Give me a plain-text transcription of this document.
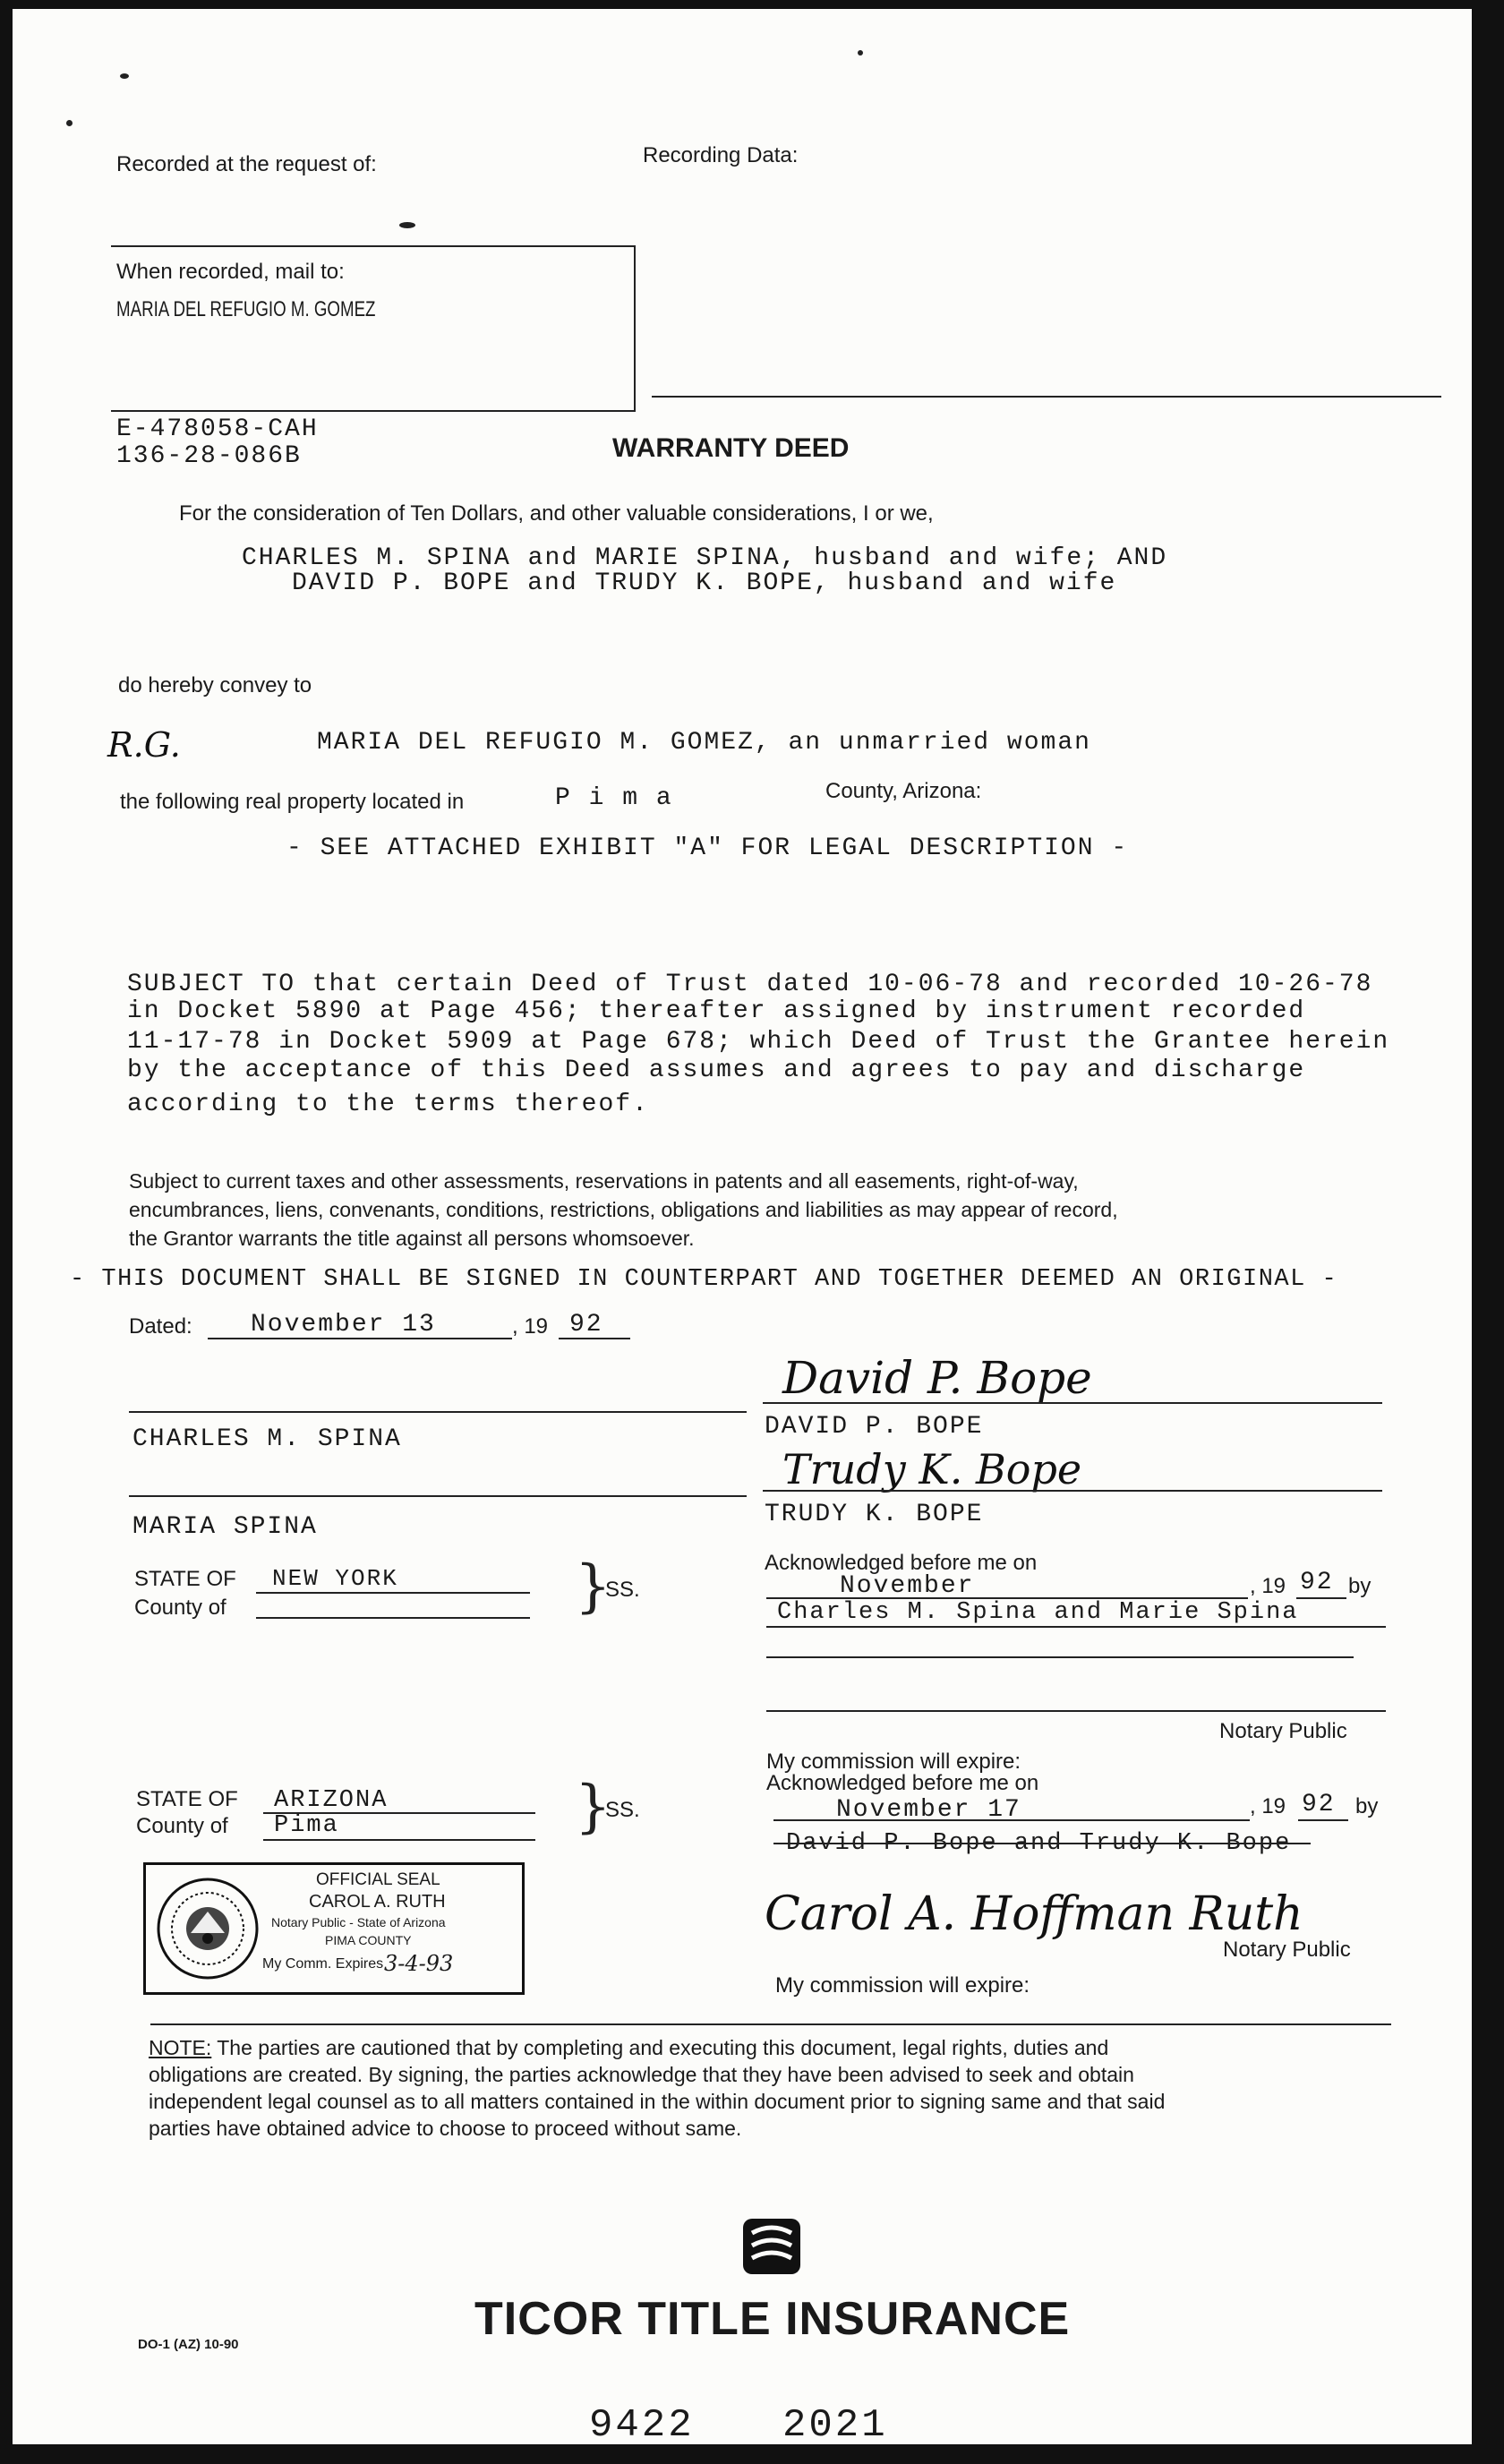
Recorded at the request of:	Recording Data:
When recorded, mail to:
MARIA DEL REFUGIO M. GOMEZ
E-478058-CAH
136-28-086B	WARRANTY DEED
For the consideration of Ten Dollars, and other valuable considerations, I or we,
CHARLES M. SPINA and MARIE SPINA, husband and wife; AND
DAVID P. BOPE and TRUDY K. BOPE, husband and wife
do hereby convey to
R.G.	MARIA DEL REFUGIO M. GOMEZ, an unmarried woman
the following real property located in	P i m a	County, Arizona:
- SEE ATTACHED EXHIBIT "A" FOR LEGAL DESCRIPTION -
SUBJECT TO that certain Deed of Trust dated 10-06-78 and recorded 10-26-78
in Docket 5890 at Page 456; thereafter assigned by instrument recorded
11-17-78 in Docket 5909 at Page 678; which Deed of Trust the Grantee herein
by the acceptance of this Deed assumes and agrees to pay and discharge
according to the terms thereof.
Subject to current taxes and other assessments, reservations in patents and all easements, right-of-way,
encumbrances, liens, convenants, conditions, restrictions, obligations and liabilities as may appear of record,
the Grantor warrants the title against all persons whomsoever.
- THIS DOCUMENT SHALL BE SIGNED IN COUNTERPART AND TOGETHER DEEMED AN ORIGINAL -
Dated: November 13	, 19 92
CHARLES M. SPINA
MARIA SPINA
David P. Bope
DAVID P. BOPE
Trudy K. Bope
TRUDY K. BOPE
STATE OF NEW YORK
County of	}
SS.
Acknowledged before me on
November	, 19 92 by
Charles M. Spina and Marie Spina
Notary Public
My commission will expire:
STATE OF ARIZONA
County of Pima	}
SS.
OFFICIAL SEAL
CAROL A. RUTH
Notary Public - State of Arizona
PIMA COUNTY
My Comm. Expires 3-4-93
Acknowledged before me on
November 17	, 19 92 by
David P. Bope and Trudy K. Bope
Carol A. Hoffman Ruth
Notary Public
My commission will expire:
NOTE: The parties are cautioned that by completing and executing this document, legal rights, duties and
obligations are created. By signing, the parties acknowledge that they have been advised to seek and obtain
independent legal counsel as to all matters contained in the within document prior to signing same and that said
parties have obtained advice to choose to proceed without same.
DO-1 (AZ) 10-90	TICOR TITLE INSURANCE
9422 2021
